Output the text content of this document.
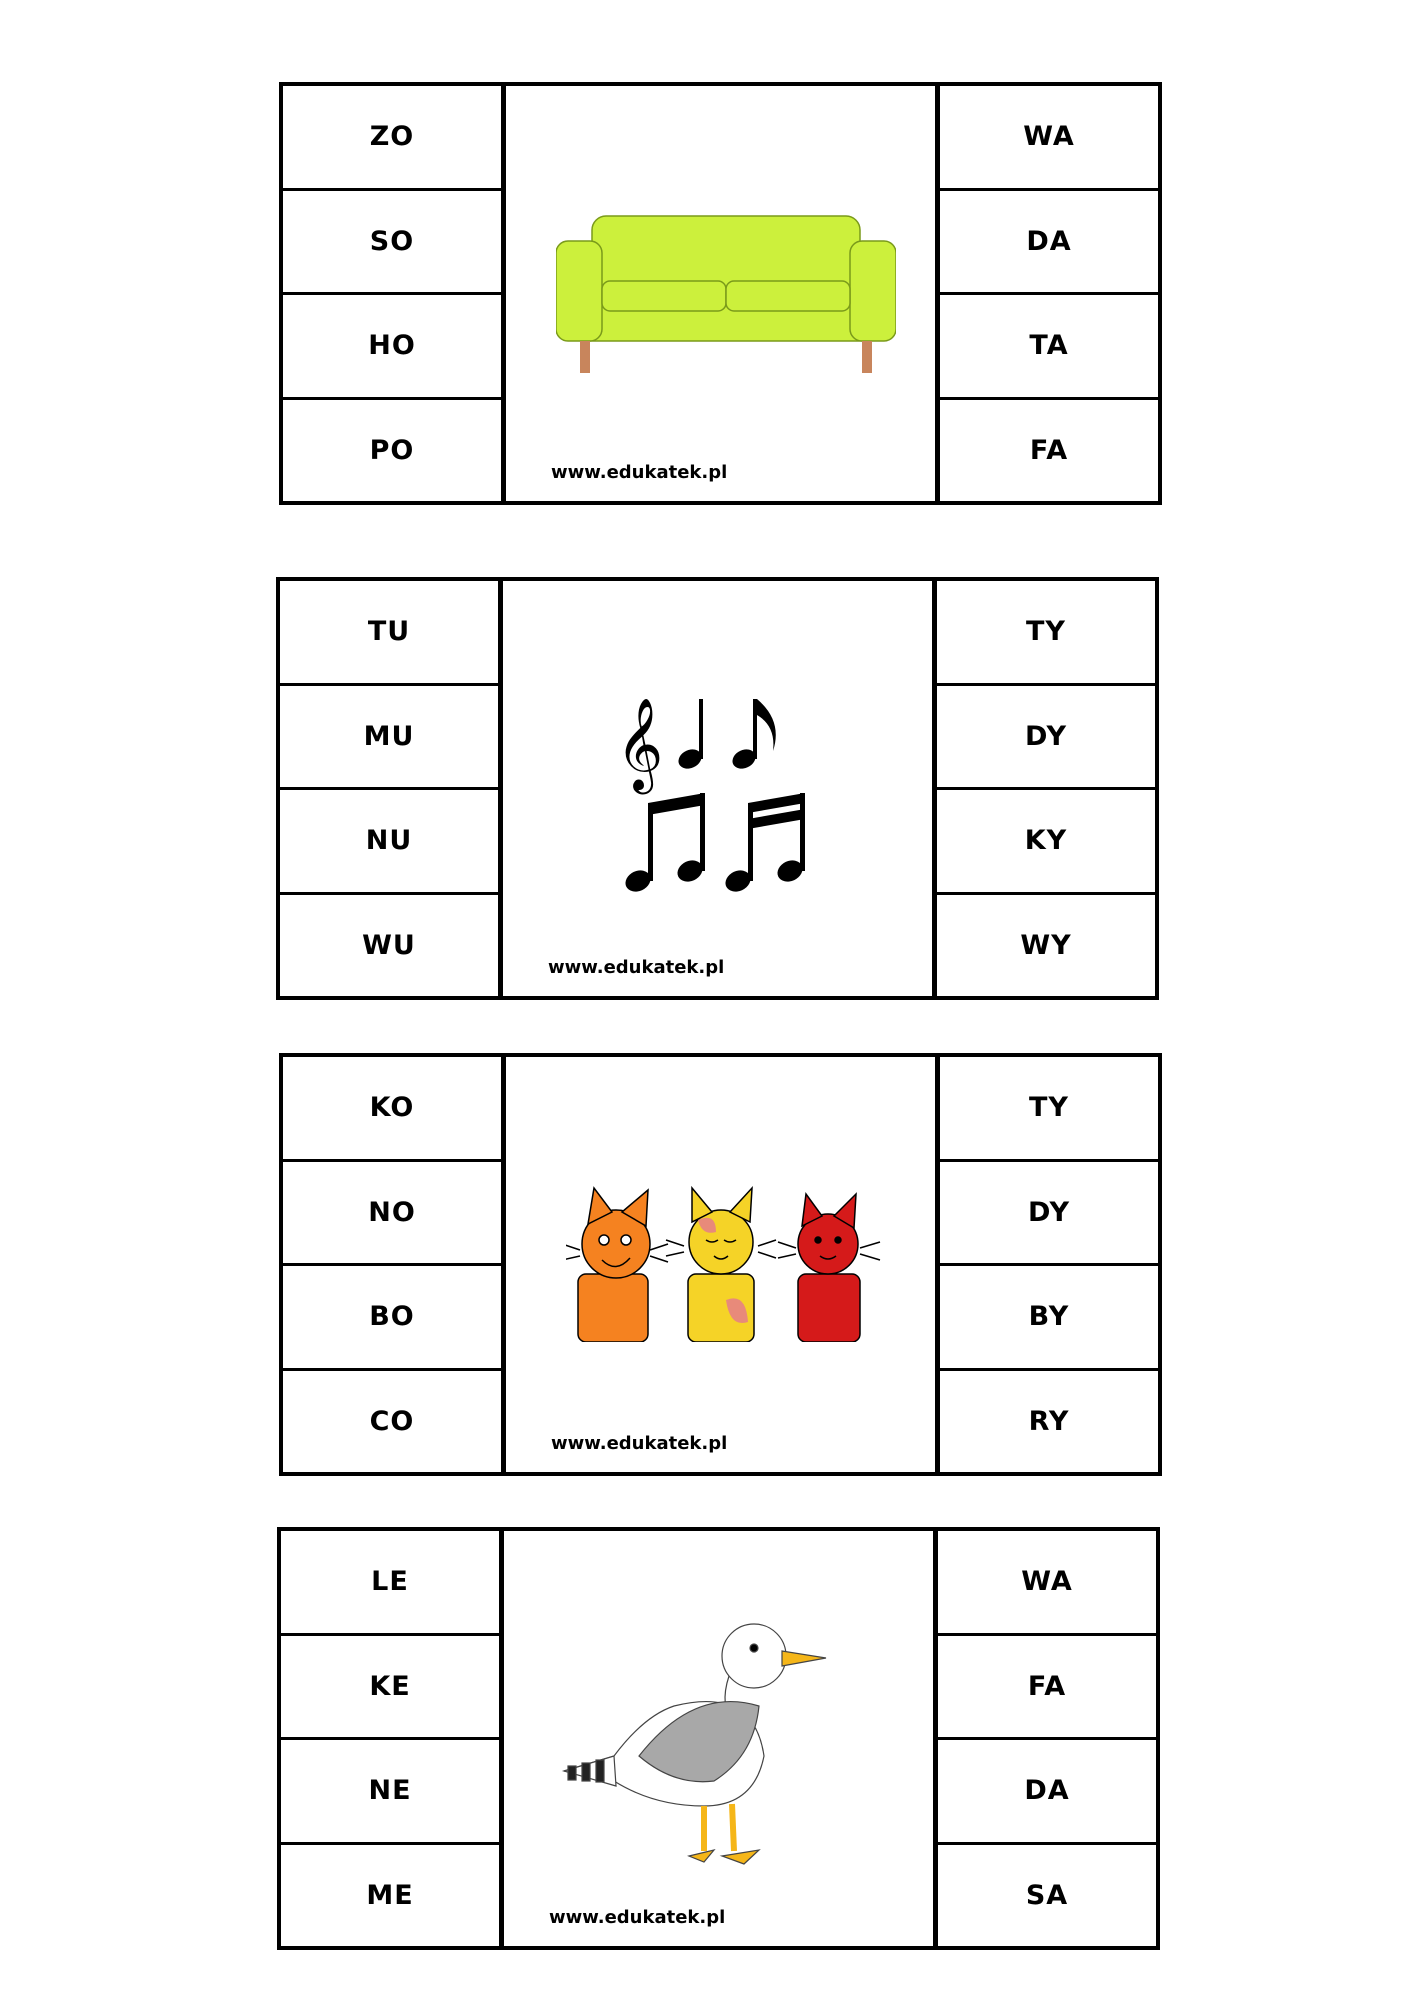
ZO
SO
HO
PO
www.edukatek.pl
WA
DA
TA
FA
TU
MU
NU
WU
𝄞
www.edukatek.pl
TY
DY
KY
WY
KO
NO
BO
CO
www.edukatek.pl
TY
DY
BY
RY
LE
KE
NE
ME
www.edukatek.pl
WA
FA
DA
SA
